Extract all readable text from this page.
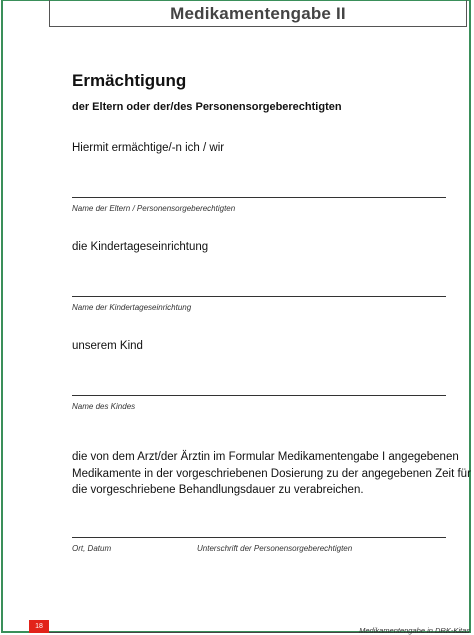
Medikamentengabe II
Ermächtigung
der Eltern oder der/des Personensorgeberechtigten
Hiermit ermächtige/-n ich / wir
Name der Eltern / Personensorgeberechtigten
die Kindertageseinrichtung
Name der Kindertageseinrichtung
unserem Kind
Name des Kindes
die von dem Arzt/der Ärztin im Formular Medikamentengabe I angegebenen
Medikamente in der vorgeschriebenen Dosierung zu der angegebenen Zeit für
die vorgeschriebene Behandlungsdauer zu verabreichen.
Ort, Datum	Unterschrift der Personensorgeberechtigten
18	Medikamentengabe in DRK-Kitas
